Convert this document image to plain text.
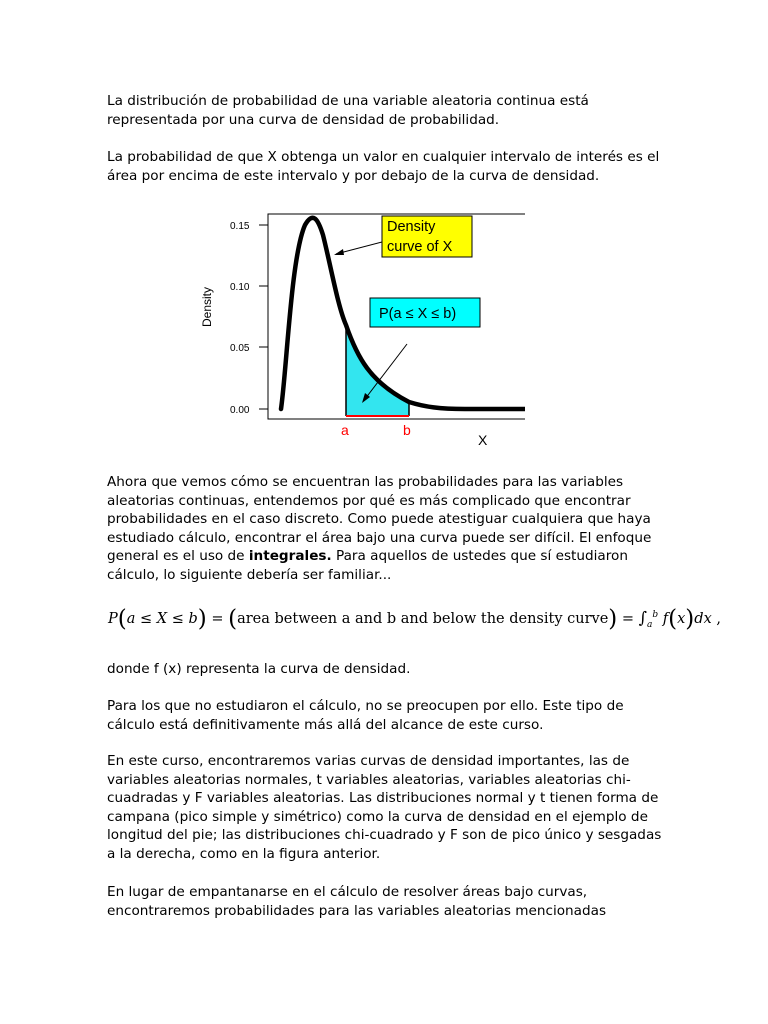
La distribución de probabilidad de una variable aleatoria continua está representada por una curva de densidad de probabilidad.

La probabilidad de que X obtenga un valor en cualquier intervalo de interés es el área por encima de este intervalo y por debajo de la curva de densidad.

0.15
0.10
0.05
0.00
Density
Density
curve of X
P(a ≤ X ≤ b)
a	b
X

Ahora que vemos cómo se encuentran las probabilidades para las variables aleatorias continuas, entendemos por qué es más complicado que encontrar probabilidades en el caso discreto. Como puede atestiguar cualquiera que haya estudiado cálculo, encontrar el área bajo una curva puede ser difícil. El enfoque general es el uso de integrales. Para aquellos de ustedes que sí estudiaron cálculo, lo siguiente debería ser familiar...

P(a ≤ X ≤ b) = (area between a and b and below the density curve) = $\int_a^b$ f(x)dx ,

donde f (x) representa la curva de densidad.

Para los que no estudiaron el cálculo, no se preocupen por ello. Este tipo de cálculo está definitivamente más allá del alcance de este curso.

En este curso, encontraremos varias curvas de densidad importantes, las de variables aleatorias normales, t variables aleatorias, variables aleatorias chi-cuadradas y F variables aleatorias. Las distribuciones normal y t tienen forma de campana (pico simple y simétrico) como la curva de densidad en el ejemplo de longitud del pie; las distribuciones chi-cuadrado y F son de pico único y sesgadas a la derecha, como en la figura anterior.

En lugar de empantanarse en el cálculo de resolver áreas bajo curvas, encontraremos probabilidades para las variables aleatorias mencionadas
